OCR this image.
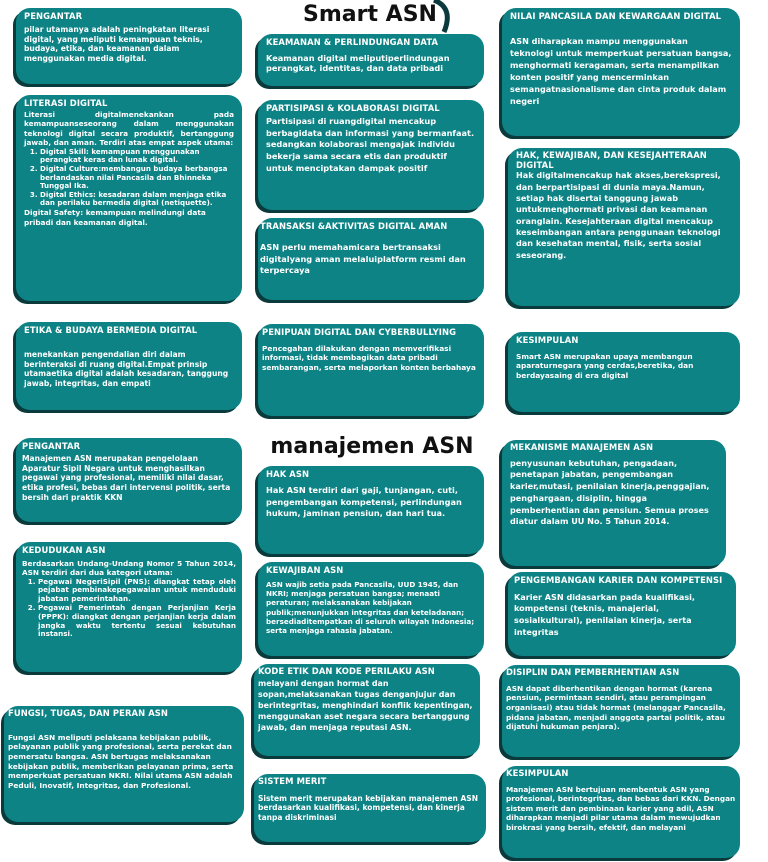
Smart ASN
manajemen ASN
PENGANTAR

pilar utamanya adalah peningkatan literasi digital, yang meliputi kemampuan teknis, budaya, etika, dan keamanan dalam menggunakan media digital.

LITERASI DIGITAL

Literasi digitalmenekankan pada kemampuanseseorang dalam menggunakan teknologi digital secara produktif, bertanggung jawab, dan aman. Terdiri atas empat aspek utama:

1. Digital Skill: kemampuan menggunakan perangkat keras dan lunak digital.
2. Digital Culture:membangun budaya berbangsa berlandaskan nilai Pancasila dan Bhinneka Tunggal Ika.
3. Digital Ethics: kesadaran dalam menjaga etika dan perilaku bermedia digital (netiquette).

Digital Safety: kemampuan melindungi data pribadi dan keamanan digital.

ETIKA & BUDAYA BERMEDIA DIGITAL

menekankan pengendalian diri dalam berinteraksi di ruang digital.Empat prinsip utamaetika digital adalah kesadaran, tanggung jawab, integritas, dan empati

KEAMANAN & PERLINDUNGAN DATA

Keamanan digital meliputiperlindungan perangkat, identitas, dan data pribadi

PARTISIPASI & KOLABORASI DIGITAL

Partisipasi di ruangdigital mencakup berbagidata dan informasi yang bermanfaat. sedangkan kolaborasi mengajak individu bekerja sama secara etis dan produktif untuk menciptakan dampak positif

TRANSAKSI &AKTIVITAS DIGITAL AMAN

ASN perlu memahamicara bertransaksi digitalyang aman melaluiplatform resmi dan terpercaya

PENIPUAN DIGITAL DAN CYBERBULLYING

Pencegahan dilakukan dengan memverifikasi informasi, tidak membagikan data pribadi sembarangan, serta melaporkan konten berbahaya

NILAI PANCASILA DAN KEWARGAAN DIGITAL

ASN diharapkan mampu menggunakan teknologi untuk memperkuat persatuan bangsa, menghormati keragaman, serta menampilkan konten positif yang mencerminkan semangatnasionalisme dan cinta produk dalam negeri

HAK, KEWAJIBAN, DAN KESEJAHTERAAN DIGITAL

Hak digitalmencakup hak akses,berekspresi, dan berpartisipasi di dunia maya.Namun, setiap hak disertai tanggung jawab untukmenghormati privasi dan keamanan oranglain. Kesejahteraan digital mencakup keseimbangan antara penggunaan teknologi dan kesehatan mental, fisik, serta sosial seseorang.

KESIMPULAN

Smart ASN merupakan upaya membangun aparaturnegara yang cerdas,beretika, dan berdayasaing di era digital

PENGANTAR

Manajemen ASN merupakan pengelolaan Aparatur Sipil Negara untuk menghasilkan pegawai yang profesional, memiliki nilai dasar, etika profesi, bebas dari intervensi politik, serta bersih dari praktik KKN

KEDUDUKAN ASN

Berdasarkan Undang-Undang Nomor 5 Tahun 2014, ASN terdiri dari dua kategori utama:

1. Pegawai NegeriSipil (PNS): diangkat tetap oleh pejabat pembinakepegawaian untuk menduduki jabatan pemerintahan.
2. Pegawai Pemerintah dengan Perjanjian Kerja (PPPK): diangkat dengan perjanjian kerja dalam jangka waktu tertentu sesuai kebutuhan instansi.
FUNGSI, TUGAS, DAN PERAN ASN

Fungsi ASN meliputi pelaksana kebijakan publik, pelayanan publik yang profesional, serta perekat dan pemersatu bangsa. ASN bertugas melaksanakan kebijakan publik, memberikan pelayanan prima, serta memperkuat persatuan NKRI. Nilai utama ASN adalah Peduli, Inovatif, Integritas, dan Profesional.

HAK ASN

Hak ASN terdiri dari gaji, tunjangan, cuti, pengembangan kompetensi, perlindungan hukum, jaminan pensiun, dan hari tua.

KEWAJIBAN ASN

ASN wajib setia pada Pancasila, UUD 1945, dan NKRI; menjaga persatuan bangsa; menaati peraturan; melaksanakan kebijakan publik;menunjukkan integritas dan keteladanan; bersediaditempatkan di seluruh wilayah Indonesia; serta menjaga rahasia jabatan.

KODE ETIK DAN KODE PERILAKU ASN

melayani dengan hormat dan sopan,melaksanakan tugas denganjujur dan berintegritas, menghindari konflik kepentingan, menggunakan aset negara secara bertanggung jawab, dan menjaga reputasi ASN.

SISTEM MERIT

Sistem merit merupakan kebijakan manajemen ASN berdasarkan kualifikasi, kompetensi, dan kinerja tanpa diskriminasi

MEKANISME MANAJEMEN ASN

penyusunan kebutuhan, pengadaan, penetapan jabatan, pengembangan karier,mutasi, penilaian kinerja,penggajian, penghargaan, disiplin, hingga pemberhentian dan pensiun. Semua proses diatur dalam UU No. 5 Tahun 2014.

PENGEMBANGAN KARIER DAN KOMPETENSI

Karier ASN didasarkan pada kualifikasi, kompetensi (teknis, manajerial, sosialkultural), penilaian kinerja, serta integritas

DISIPLIN DAN PEMBERHENTIAN ASN

ASN dapat diberhentikan dengan hormat (karena pensiun, permintaan sendiri, atau perampingan organisasi) atau tidak hormat (melanggar Pancasila, pidana jabatan, menjadi anggota partai politik, atau dijatuhi hukuman penjara).

KESIMPULAN

Manajemen ASN bertujuan membentuk ASN yang profesional, berintegritas, dan bebas dari KKN. Dengan sistem merit dan pembinaan karier yang adil, ASN diharapkan menjadi pilar utama dalam mewujudkan birokrasi yang bersih, efektif, dan melayani
